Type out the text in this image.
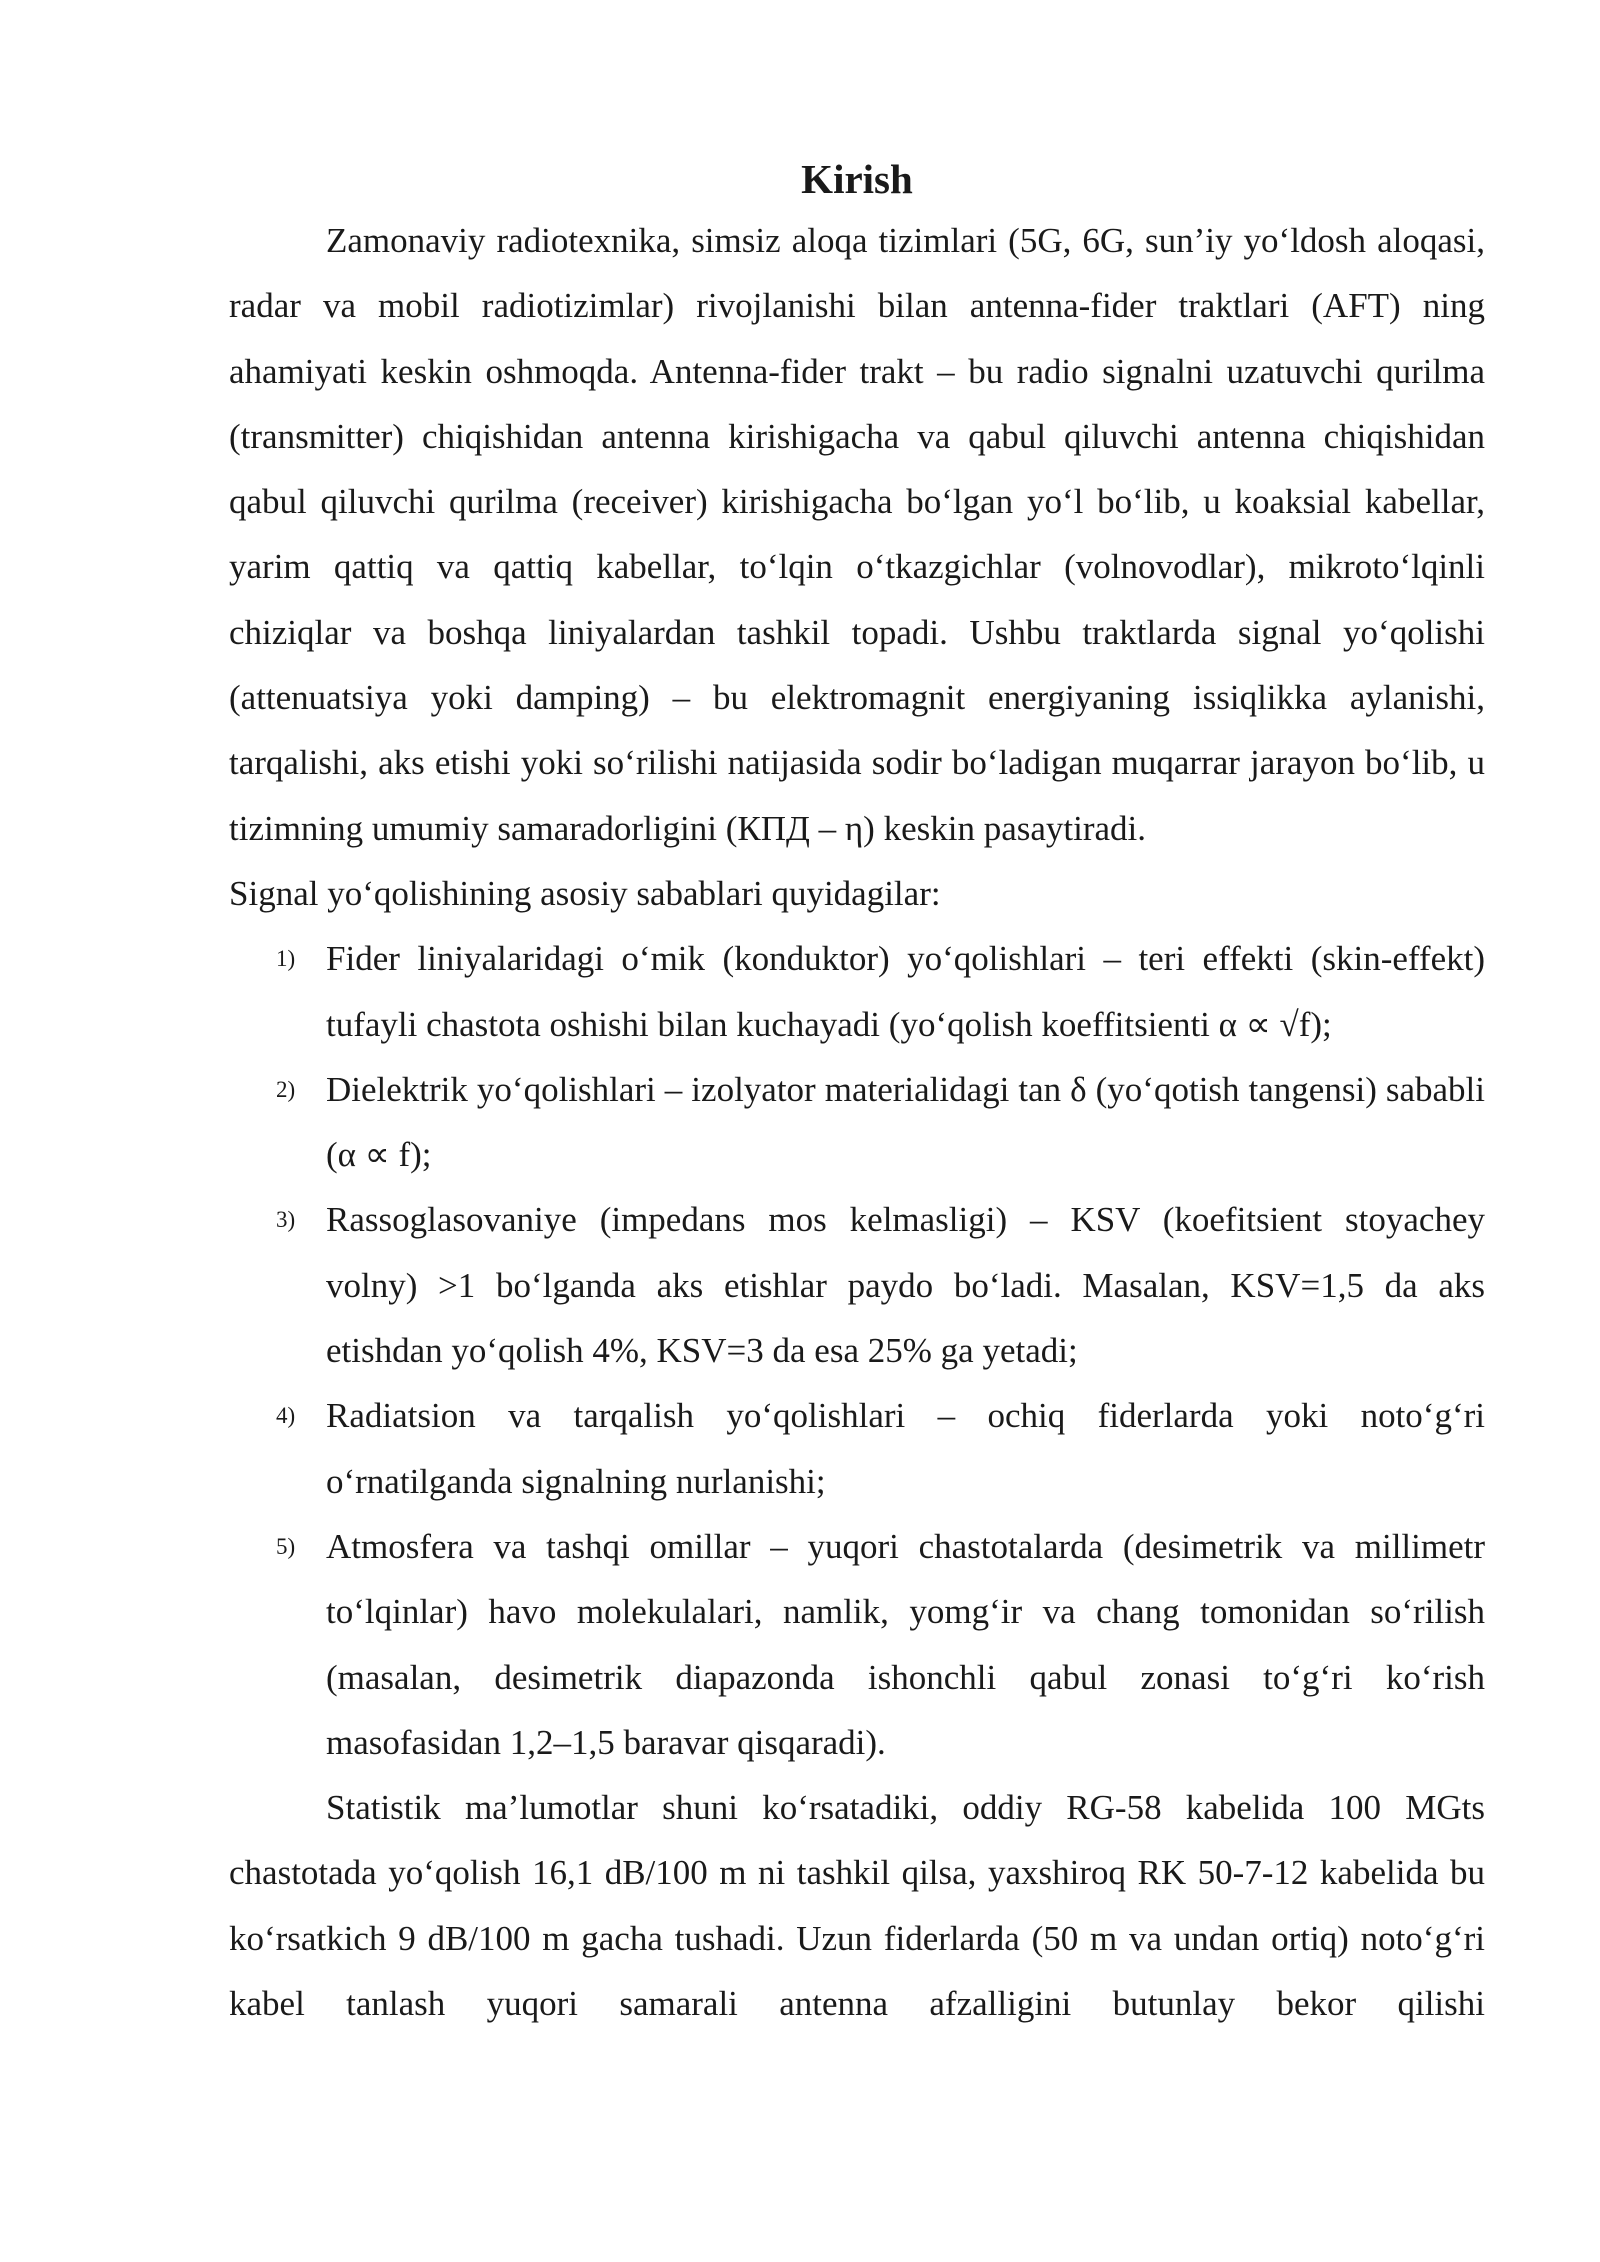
Kirish

Zamonaviy radiotexnika, simsiz aloqa tizimlari (5G, 6G, sun’iy yo‘ldosh aloqasi, radar va mobil radiotizimlar) rivojlanishi bilan antenna-fider traktlari (AFT) ning ahamiyati keskin oshmoqda. Antenna-fider trakt – bu radio signalni uzatuvchi qurilma (transmitter) chiqishidan antenna kirishigacha va qabul qiluvchi antenna chiqishidan qabul qiluvchi qurilma (receiver) kirishigacha bo‘lgan yo‘l bo‘lib, u koaksial kabellar, yarim qattiq va qattiq kabellar, to‘lqin o‘tkazgichlar (volnovodlar), mikroto‘lqinli chiziqlar va boshqa liniyalardan tashkil topadi. Ushbu traktlarda signal yo‘qolishi (attenuatsiya yoki damping) – bu elektromagnit energiyaning issiqlikka aylanishi, tarqalishi, aks etishi yoki so‘rilishi natijasida sodir bo‘ladigan muqarrar jarayon bo‘lib, u tizimning umumiy samaradorligini (КПД – η) keskin pasaytiradi.

Signal yo‘qolishining asosiy sabablari quyidagilar:

1) Fider liniyalaridagi o‘mik (konduktor) yo‘qolishlari – teri effekti (skin-effekt) tufayli chastota oshishi bilan kuchayadi (yo‘qolish koeffitsienti α ∝ √f);
2) Dielektrik yo‘qolishlari – izolyator materialidagi tan δ (yo‘qotish tangensi) sababli (α ∝ f);
3) Rassoglasovaniye (impedans mos kelmasligi) – KSV (koefitsient stoyachey volny) >1 bo‘lganda aks etishlar paydo bo‘ladi. Masalan, KSV=1,5 da aks etishdan yo‘qolish 4%, KSV=3 da esa 25% ga yetadi;
4) Radiatsion va tarqalish yo‘qolishlari – ochiq fiderlarda yoki noto‘g‘ri o‘rnatilganda signalning nurlanishi;
5) Atmosfera va tashqi omillar – yuqori chastotalarda (desimetrik va millimetr to‘lqinlar) havo molekulalari, namlik, yomg‘ir va chang tomonidan so‘rilish (masalan, desimetrik diapazonda ishonchli qabul zonasi to‘g‘ri ko‘rish masofasidan 1,2–1,5 baravar qisqaradi).

Statistik ma’lumotlar shuni ko‘rsatadiki, oddiy RG-58 kabelida 100 MGts chastotada yo‘qolish 16,1 dB/100 m ni tashkil qilsa, yaxshiroq RK 50-7-12 kabelida bu ko‘rsatkich 9 dB/100 m gacha tushadi. Uzun fiderlarda (50 m va undan ortiq) noto‘g‘ri kabel tanlash yuqori samarali antenna afzalligini butunlay bekor qilishi
